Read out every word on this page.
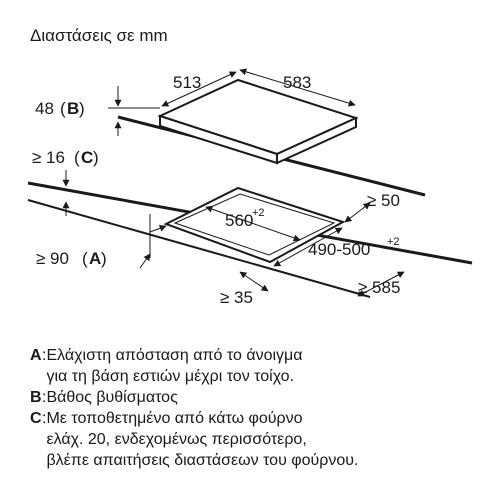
Διαστάσεις σε mm
513	583
48 ( B )
≥ 16 ( C )
≥ 90 ( A )
560
+2
490-500 +2
≥ 50
≥ 35
≥ 585
A : Ελάχιστη απόσταση από το άνοιγμα
για τη βάση εστιών μέχρι τον τοίχο.
B : Βάθος βυθίσματος
C : Με τοποθετημένο από κάτω φούρνο
ελάχ. 20, ενδεχομένως περισσότερο,
βλέπε απαιτήσεις διαστάσεων του φούρνου.
